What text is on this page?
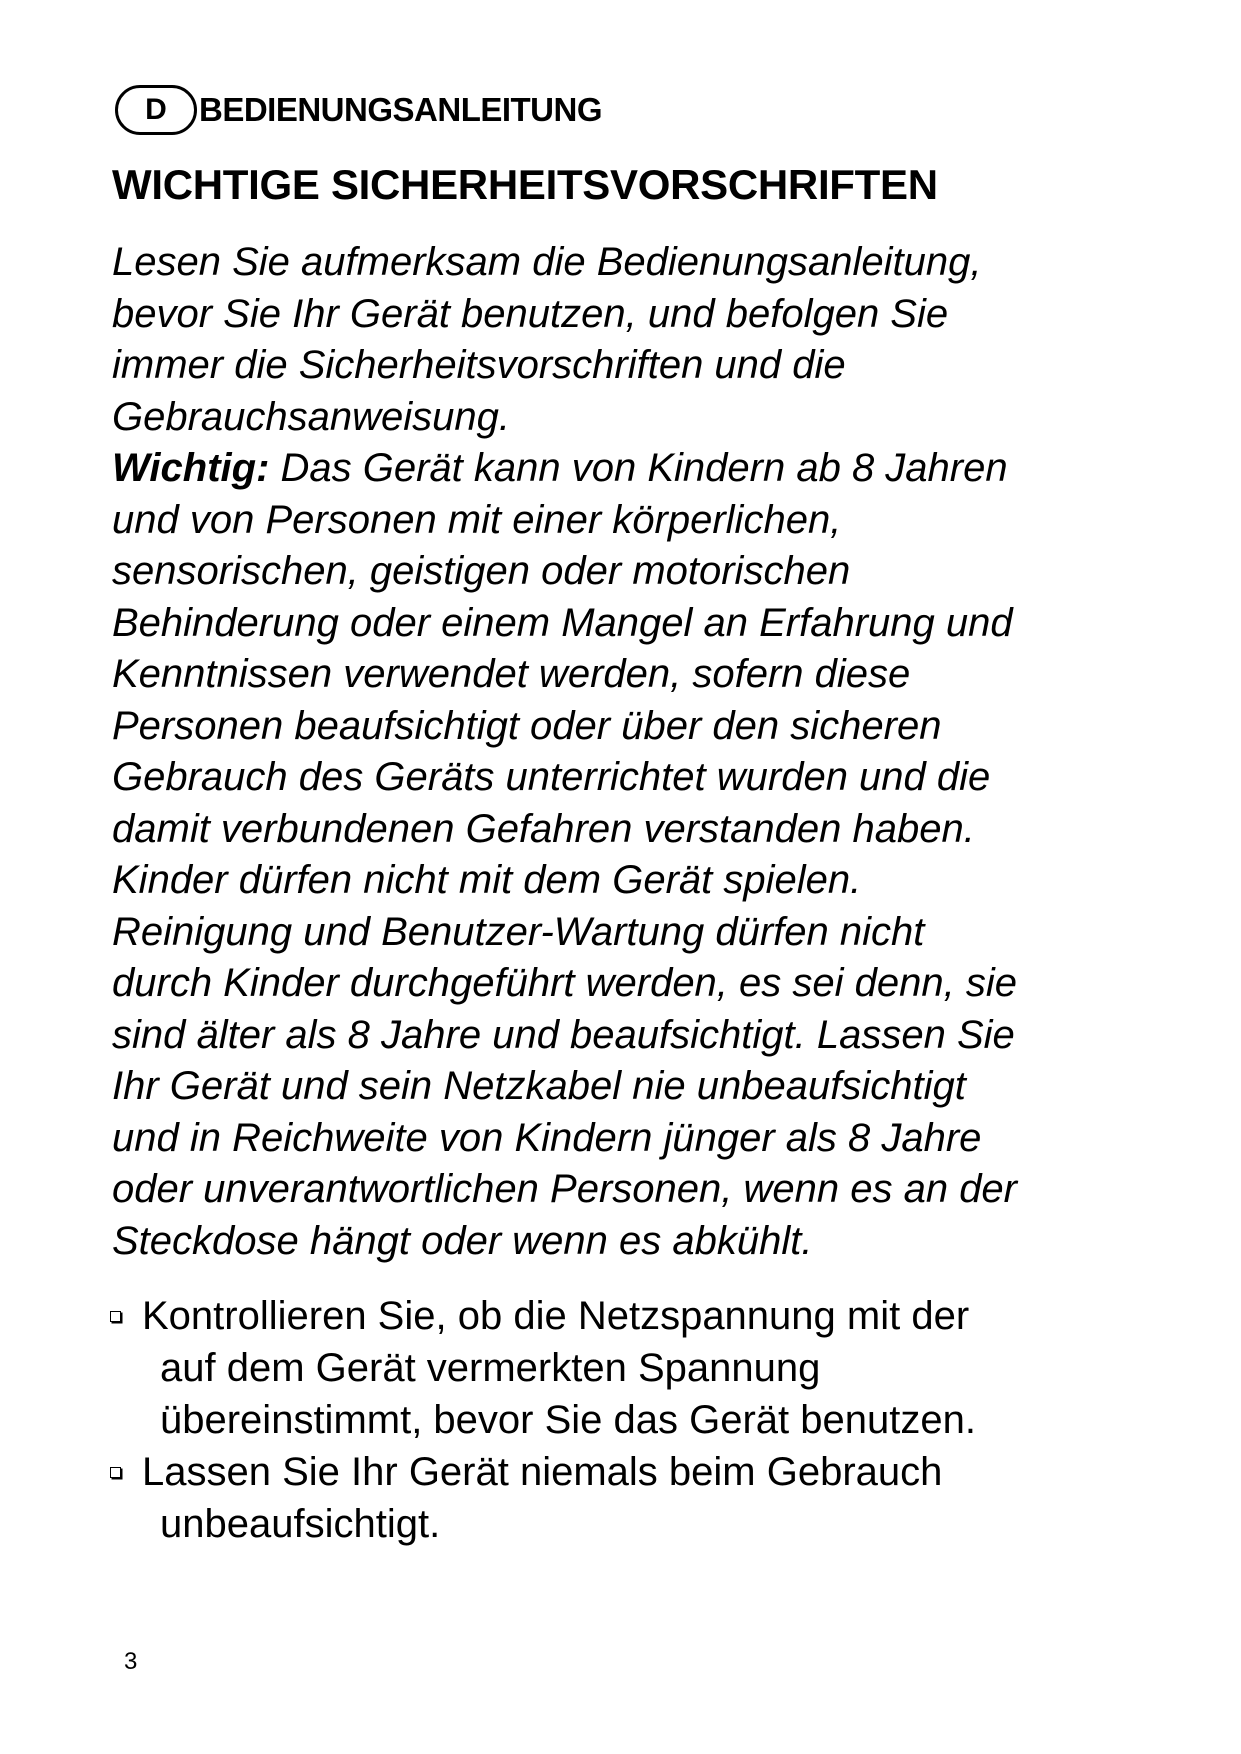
D BEDIENUNGSANLEITUNG
WICHTIGE SICHERHEITSVORSCHRIFTEN
Lesen Sie aufmerksam die Bedienungsanleitung,
bevor Sie Ihr Gerät benutzen, und befolgen Sie
immer die Sicherheitsvorschriften und die
Gebrauchsanweisung.
Wichtig: Das Gerät kann von Kindern ab 8 Jahren
und von Personen mit einer körperlichen,
sensorischen, geistigen oder motorischen
Behinderung oder einem Mangel an Erfahrung und
Kenntnissen verwendet werden, sofern diese
Personen beaufsichtigt oder über den sicheren
Gebrauch des Geräts unterrichtet wurden und die
damit verbundenen Gefahren verstanden haben.
Kinder dürfen nicht mit dem Gerät spielen.
Reinigung und Benutzer-Wartung dürfen nicht
durch Kinder durchgeführt werden, es sei denn, sie
sind älter als 8 Jahre und beaufsichtigt. Lassen Sie
Ihr Gerät und sein Netzkabel nie unbeaufsichtigt
und in Reichweite von Kindern jünger als 8 Jahre
oder unverantwortlichen Personen, wenn es an der
Steckdose hängt oder wenn es abkühlt.
Kontrollieren Sie, ob die Netzspannung mit der
auf dem Gerät vermerkten Spannung
übereinstimmt, bevor Sie das Gerät benutzen.
Lassen Sie Ihr Gerät niemals beim Gebrauch
unbeaufsichtigt.
3
